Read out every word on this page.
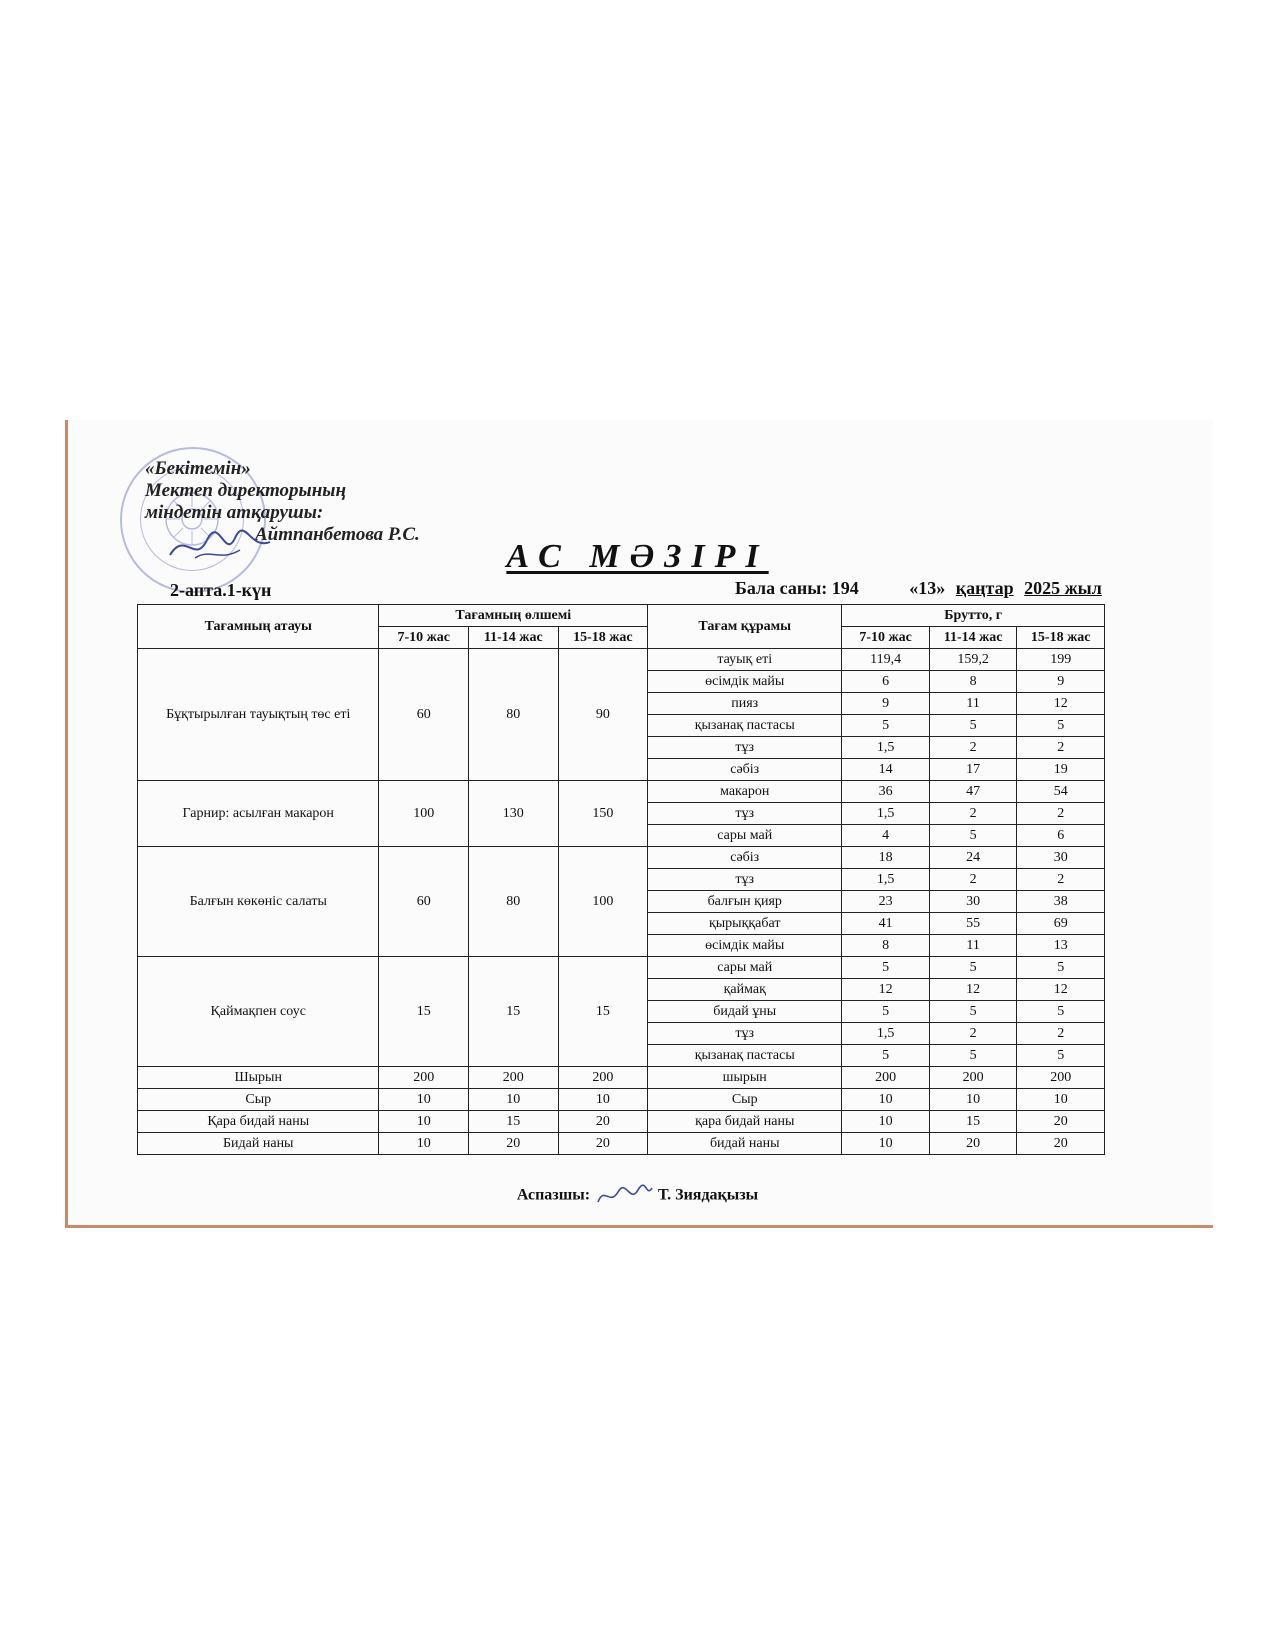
«Бекітемін»
Мектеп директорының
міндетін атқарушы:
Айтпанбетова Р.С.
АС МӘЗІРІ
2-апта.1-күн	Бала саны: 194	«13» қаңтар 2025 жыл
Тағамның атауы	Тағамның өлшемі			Тағам құрамы	Брутто, г		
	7-10 жас	11-14 жас	15-18 жас		7-10 жас	11-14 жас	15-18 жас
Бұқтырылған тауықтың төс еті	60	80	90	тауық еті	119,4	159,2	199
				өсімдік майы	6	8	9
				пияз	9	11	12
				қызанақ пастасы	5	5	5
				тұз	1,5	2	2
				сәбіз	14	17	19
Гарнир: асылған макарон	100	130	150	макарон	36	47	54
				тұз	1,5	2	2
				сары май	4	5	6
Балғын көкөніс салаты	60	80	100	сәбіз	18	24	30
				тұз	1,5	2	2
				балғын қияр	23	30	38
				қырыққабат	41	55	69
				өсімдік майы	8	11	13
Қаймақпен соус	15	15	15	сары май	5	5	5
				қаймақ	12	12	12
				бидай ұны	5	5	5
				тұз	1,5	2	2
				қызанақ пастасы	5	5	5
Шырын	200	200	200	шырын	200	200	200
Сыр	10	10	10	Сыр	10	10	10
Қара бидай наны	10	15	20	қара бидай наны	10	15	20
Бидай наны	10	20	20	бидай наны	10	20	20
Аспазшы:	Т. Зиядақызы
